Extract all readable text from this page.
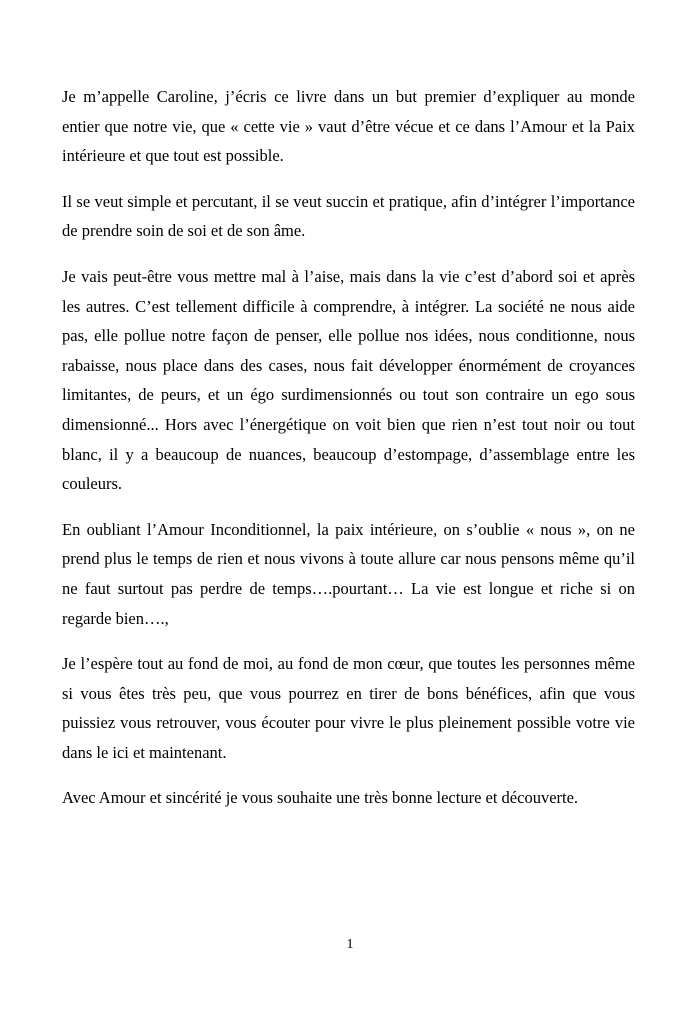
Je m’appelle Caroline, j’écris ce livre dans un but premier d’expliquer au monde entier que notre vie, que « cette vie » vaut d’être vécue et ce dans l’Amour et la Paix intérieure et que tout est possible.

Il se veut simple et percutant, il se veut succin et pratique, afin d’intégrer l’importance de prendre soin de soi et de son âme.

Je vais peut-être vous mettre mal à l’aise, mais dans la vie c’est d’abord soi et après les autres. C’est tellement difficile à comprendre, à intégrer. La société ne nous aide pas, elle pollue notre façon de penser, elle pollue nos idées, nous conditionne, nous rabaisse, nous place dans des cases, nous fait développer énormément de croyances limitantes, de peurs, et un égo surdimensionnés ou tout son contraire un ego sous dimensionné... Hors avec l’énergétique on voit bien que rien n’est tout noir ou tout blanc, il y a beaucoup de nuances, beaucoup d’estompage, d’assemblage entre les couleurs.

En oubliant l’Amour Inconditionnel, la paix intérieure, on s’oublie « nous », on ne prend plus le temps de rien et nous vivons à toute allure car nous pensons même qu’il ne faut surtout pas perdre de temps….pourtant… La vie est longue et riche si on regarde bien….,

Je l’espère tout au fond de moi, au fond de mon cœur, que toutes les personnes même si vous êtes très peu, que vous pourrez en tirer de bons bénéfices, afin que vous puissiez vous retrouver, vous écouter pour vivre le plus pleinement possible votre vie dans le ici et maintenant.

Avec Amour et sincérité je vous souhaite une très bonne lecture et découverte.

1
